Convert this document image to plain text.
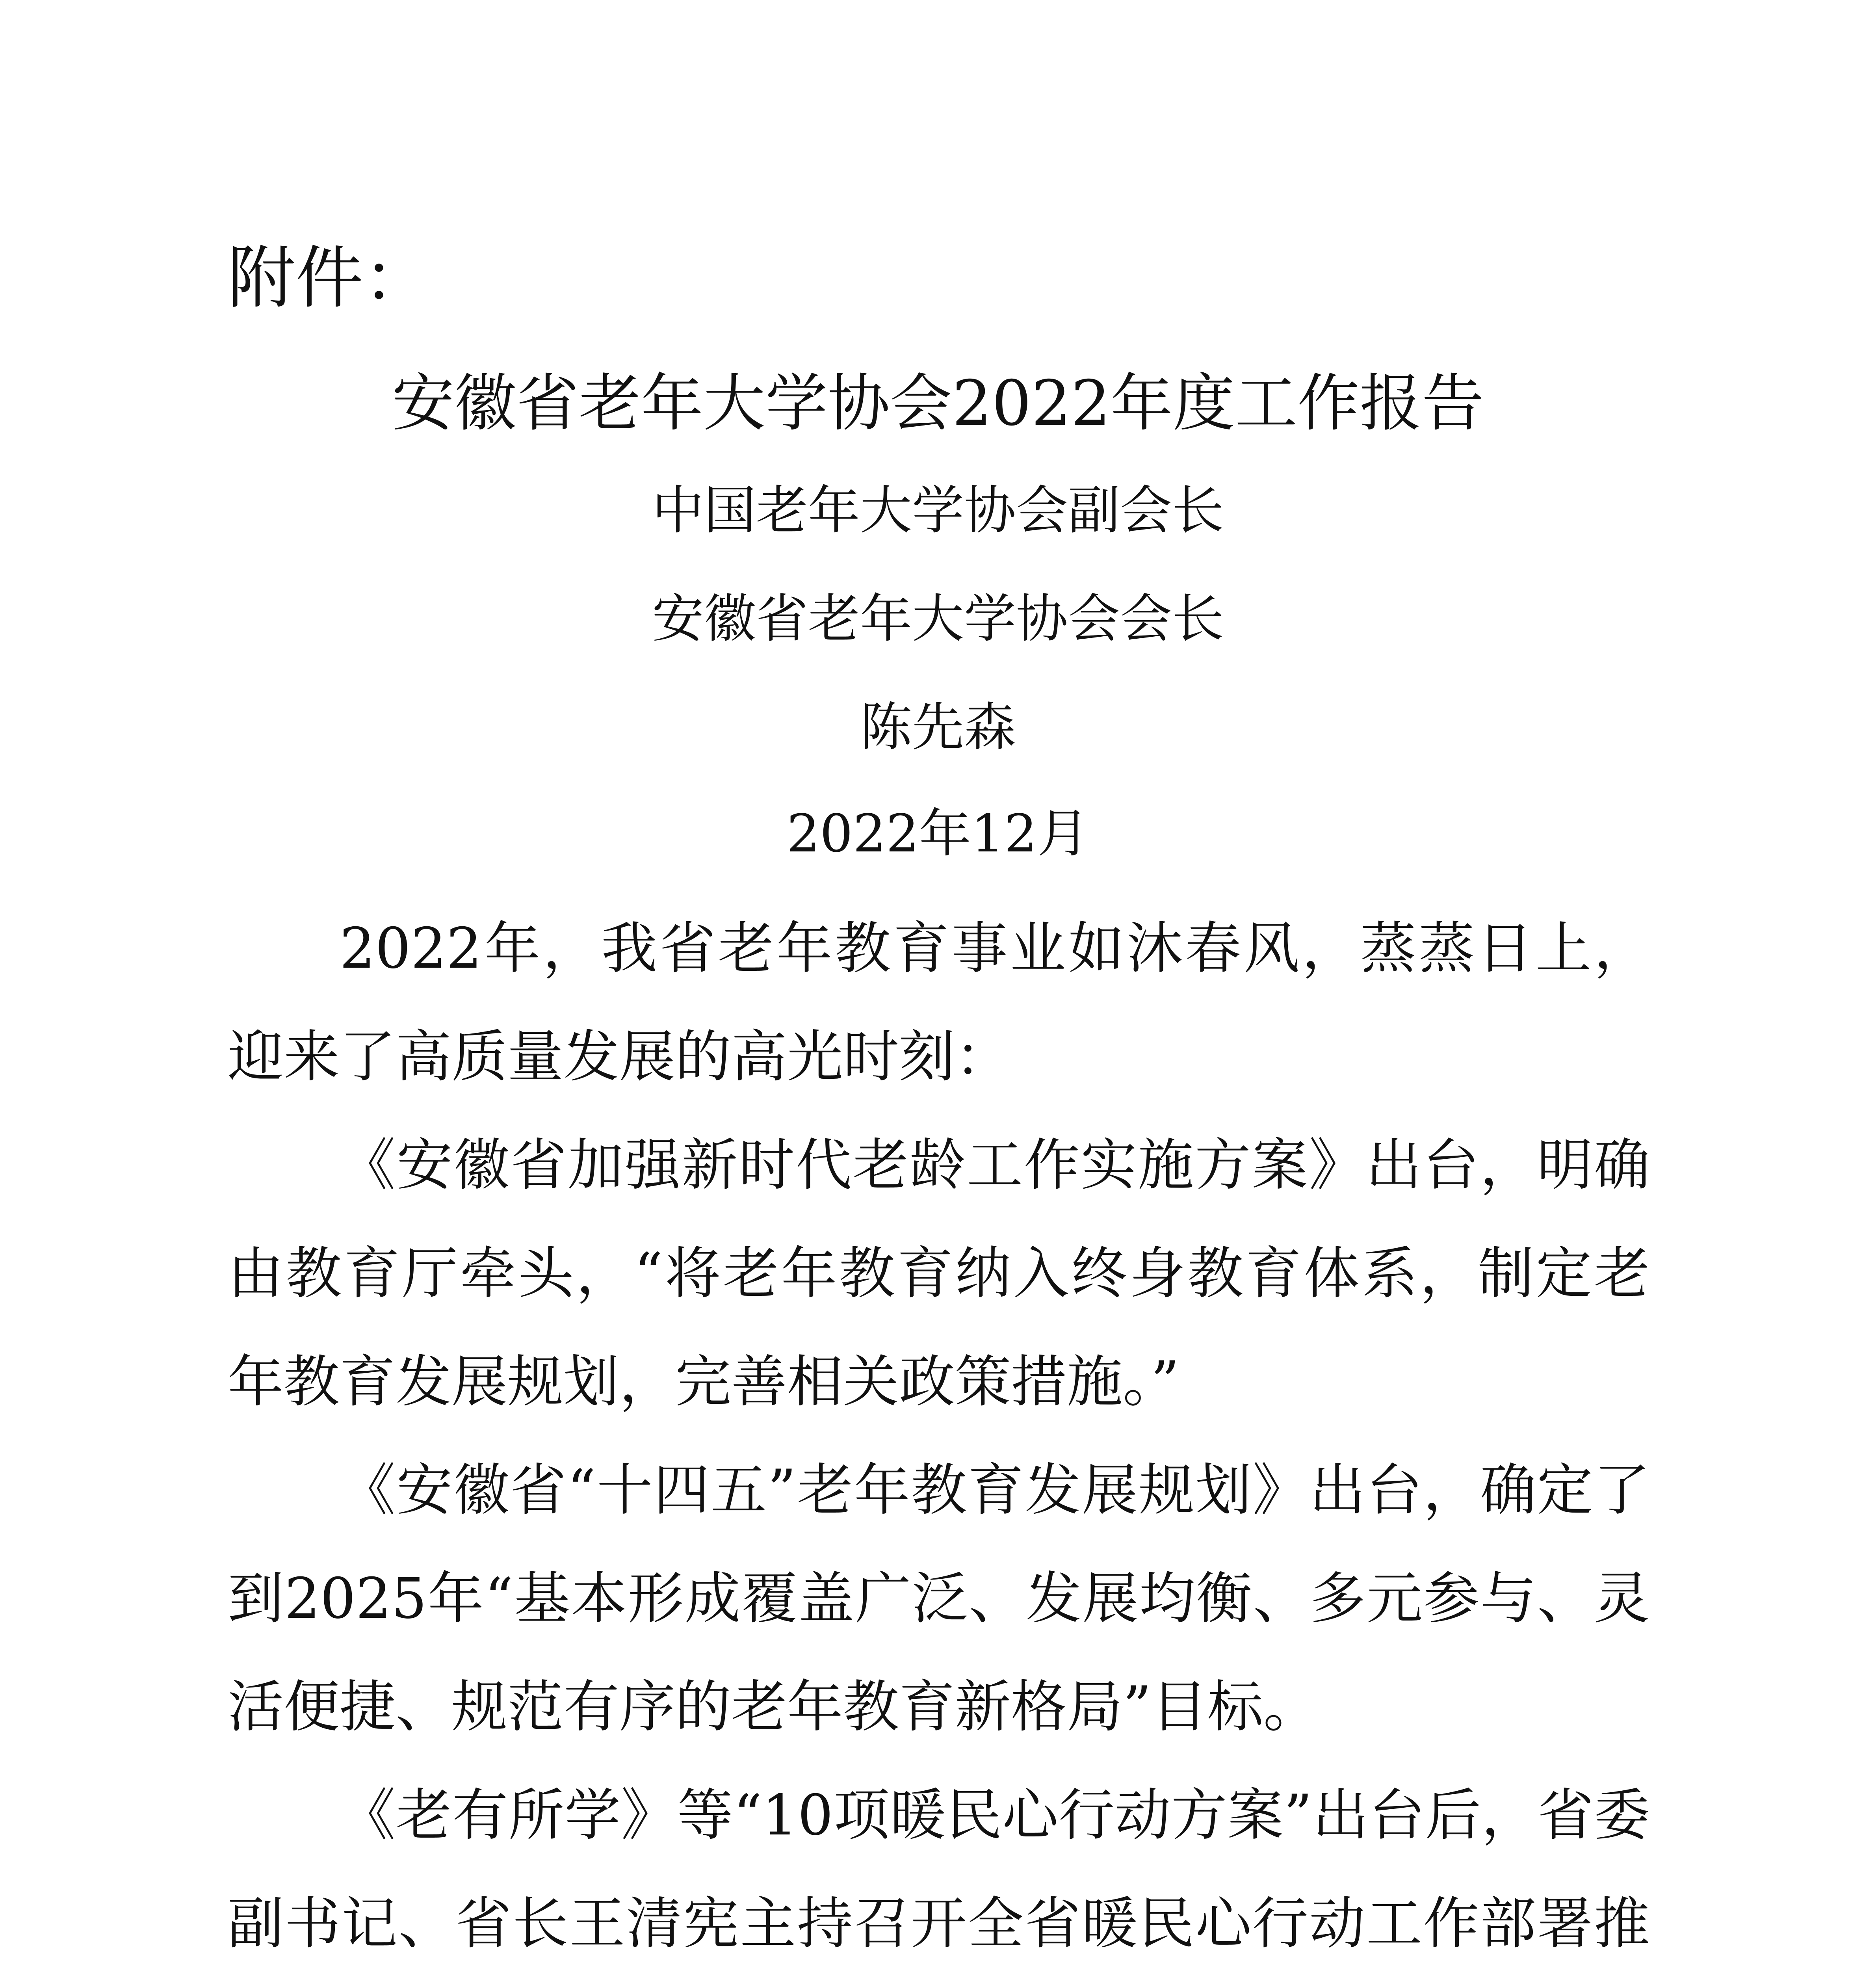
附件：
安徽省老年大学协会2022年度工作报告
中国老年大学协会副会长
安徽省老年大学协会会长
陈先森
2022年12月

2022年，我省老年教育事业如沐春风，蒸蒸日上，迎来了高质量发展的高光时刻：

《安徽省加强新时代老龄工作实施方案》出台，明确由教育厅牵头，“将老年教育纳入终身教育体系，制定老年教育发展规划，完善相关政策措施。”

《安徽省“十四五”老年教育发展规划》出台，确定了到2025年“基本形成覆盖广泛、发展均衡、多元参与、灵活便捷、规范有序的老年教育新格局”目标。

《老有所学》等“10项暖民心行动方案”出台后，省委副书记、省长王清宪主持召开全省暖民心行动工作部署推
